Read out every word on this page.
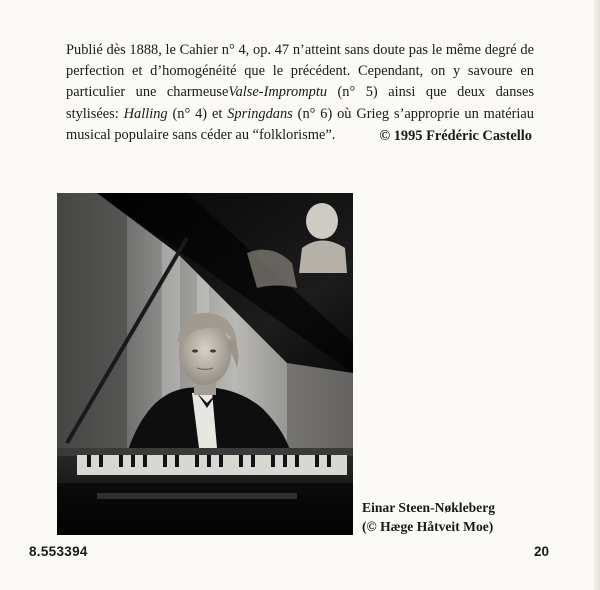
Publié dès 1888, le Cahier n° 4, op. 47 n’atteint sans doute pas le même degré de perfection et d’homogénéité que le précédent. Cependant, on y savoure en particulier une charmeuseValse-Impromptu (n° 5) ainsi que deux danses stylisées: Halling (n° 4) et Springdans (n° 6) où Grieg s’approprie un matériau musical populaire sans céder au “folklorisme”.	© 1995 Frédéric Castello
Einar Steen-Nøkleberg
(© Hæge Håtveit Moe)
8.553394	20
